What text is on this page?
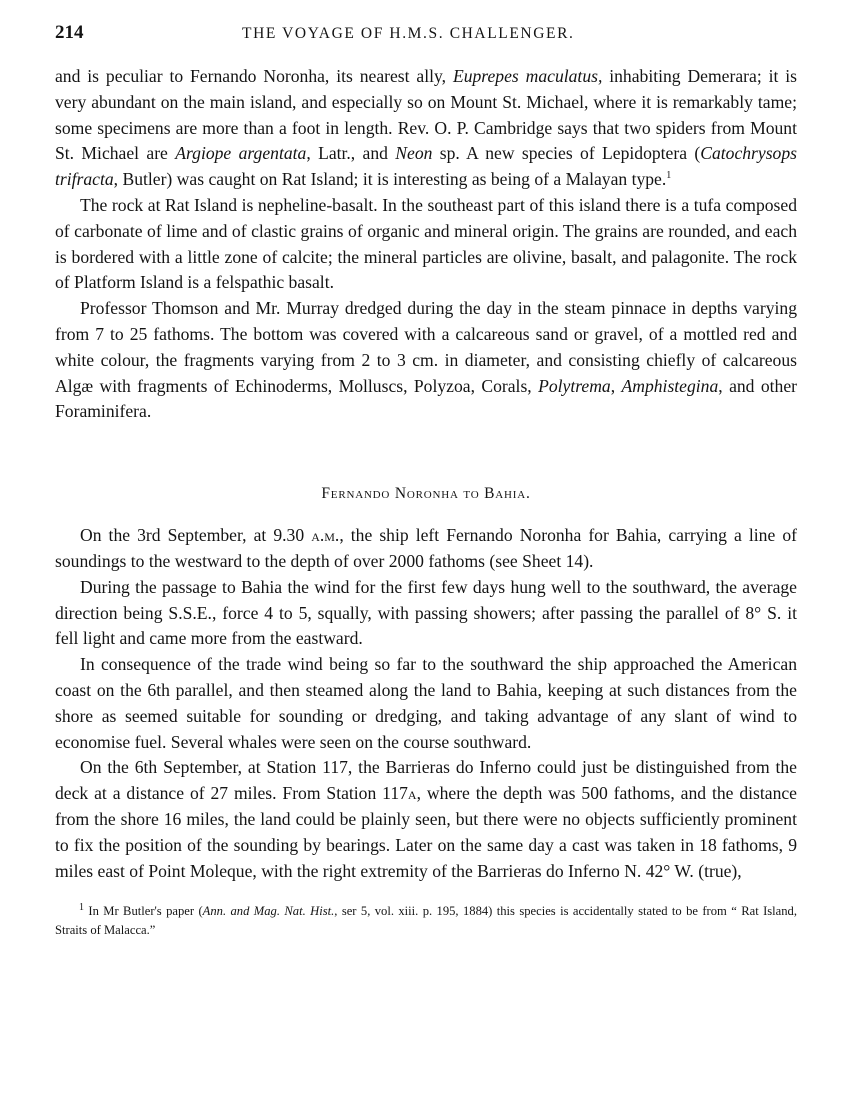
214	THE VOYAGE OF H.M.S. CHALLENGER.

and is peculiar to Fernando Noronha, its nearest ally, Euprepes maculatus, inhabiting Demerara; it is very abundant on the main island, and especially so on Mount St. Michael, where it is remarkably tame; some specimens are more than a foot in length. Rev. O. P. Cambridge says that two spiders from Mount St. Michael are Argiope argentata, Latr., and Neon sp. A new species of Lepidoptera (Catochrysops trifracta, Butler) was caught on Rat Island; it is interesting as being of a Malayan type.$^1$

The rock at Rat Island is nepheline-basalt. In the southeast part of this island there is a tufa composed of carbonate of lime and of clastic grains of organic and mineral origin. The grains are rounded, and each is bordered with a little zone of calcite; the mineral particles are olivine, basalt, and palagonite. The rock of Platform Island is a felspathic basalt.

Professor Thomson and Mr. Murray dredged during the day in the steam pinnace in depths varying from 7 to 25 fathoms. The bottom was covered with a calcareous sand or gravel, of a mottled red and white colour, the fragments varying from 2 to 3 cm. in diameter, and consisting chiefly of calcareous Algæ with fragments of Echinoderms, Molluscs, Polyzoa, Corals, Polytrema, Amphistegina, and other Foraminifera.

Fernando Noronha to Bahia.

On the 3rd September, at 9.30 a.m., the ship left Fernando Noronha for Bahia, carrying a line of soundings to the westward to the depth of over 2000 fathoms (see Sheet 14).

During the passage to Bahia the wind for the first few days hung well to the southward, the average direction being S.S.E., force 4 to 5, squally, with passing showers; after passing the parallel of 8° S. it fell light and came more from the eastward.

In consequence of the trade wind being so far to the southward the ship approached the American coast on the 6th parallel, and then steamed along the land to Bahia, keeping at such distances from the shore as seemed suitable for sounding or dredging, and taking advantage of any slant of wind to economise fuel. Several whales were seen on the course southward.

On the 6th September, at Station 117, the Barrieras do Inferno could just be distinguished from the deck at a distance of 27 miles. From Station 117a, where the depth was 500 fathoms, and the distance from the shore 16 miles, the land could be plainly seen, but there were no objects sufficiently prominent to fix the position of the sounding by bearings. Later on the same day a cast was taken in 18 fathoms, 9 miles east of Point Moleque, with the right extremity of the Barrieras do Inferno N. 42° W. (true),

$^1$ In Mr Butler's paper (Ann. and Mag. Nat. Hist., ser 5, vol. xiii. p. 195, 1884) this species is accidentally stated to be from “ Rat Island, Straits of Malacca.”
